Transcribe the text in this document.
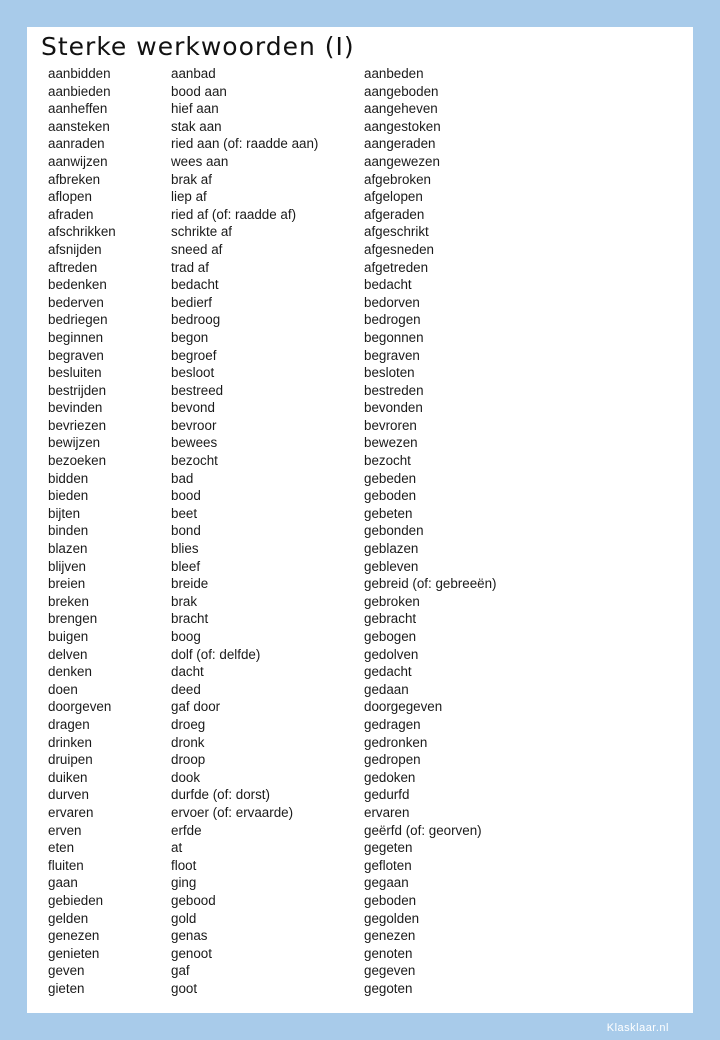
Sterke werkwoorden (I)
aanbidden	aanbad	aanbeden
aanbieden	bood aan	aangeboden
aanheffen	hief aan	aangeheven
aansteken	stak aan	aangestoken
aanraden	ried aan (of: raadde aan)	aangeraden
aanwijzen	wees aan	aangewezen
afbreken	brak af	afgebroken
aflopen	liep af	afgelopen
afraden	ried af (of: raadde af)	afgeraden
afschrikken	schrikte af	afgeschrikt
afsnijden	sneed af	afgesneden
aftreden	trad af	afgetreden
bedenken	bedacht	bedacht
bederven	bedierf	bedorven
bedriegen	bedroog	bedrogen
beginnen	begon	begonnen
begraven	begroef	begraven
besluiten	besloot	besloten
bestrijden	bestreed	bestreden
bevinden	bevond	bevonden
bevriezen	bevroor	bevroren
bewijzen	bewees	bewezen
bezoeken	bezocht	bezocht
bidden	bad	gebeden
bieden	bood	geboden
bijten	beet	gebeten
binden	bond	gebonden
blazen	blies	geblazen
blijven	bleef	gebleven
breien	breide	gebreid (of: gebreeën)
breken	brak	gebroken
brengen	bracht	gebracht
buigen	boog	gebogen
delven	dolf (of: delfde)	gedolven
denken	dacht	gedacht
doen	deed	gedaan
doorgeven	gaf door	doorgegeven
dragen	droeg	gedragen
drinken	dronk	gedronken
druipen	droop	gedropen
duiken	dook	gedoken
durven	durfde (of: dorst)	gedurfd
ervaren	ervoer (of: ervaarde)	ervaren
erven	erfde	geërfd (of: georven)
eten	at	gegeten
fluiten	floot	gefloten
gaan	ging	gegaan
gebieden	gebood	geboden
gelden	gold	gegolden
genezen	genas	genezen
genieten	genoot	genoten
geven	gaf	gegeven
gieten	goot	gegoten
Klasklaar.nl
